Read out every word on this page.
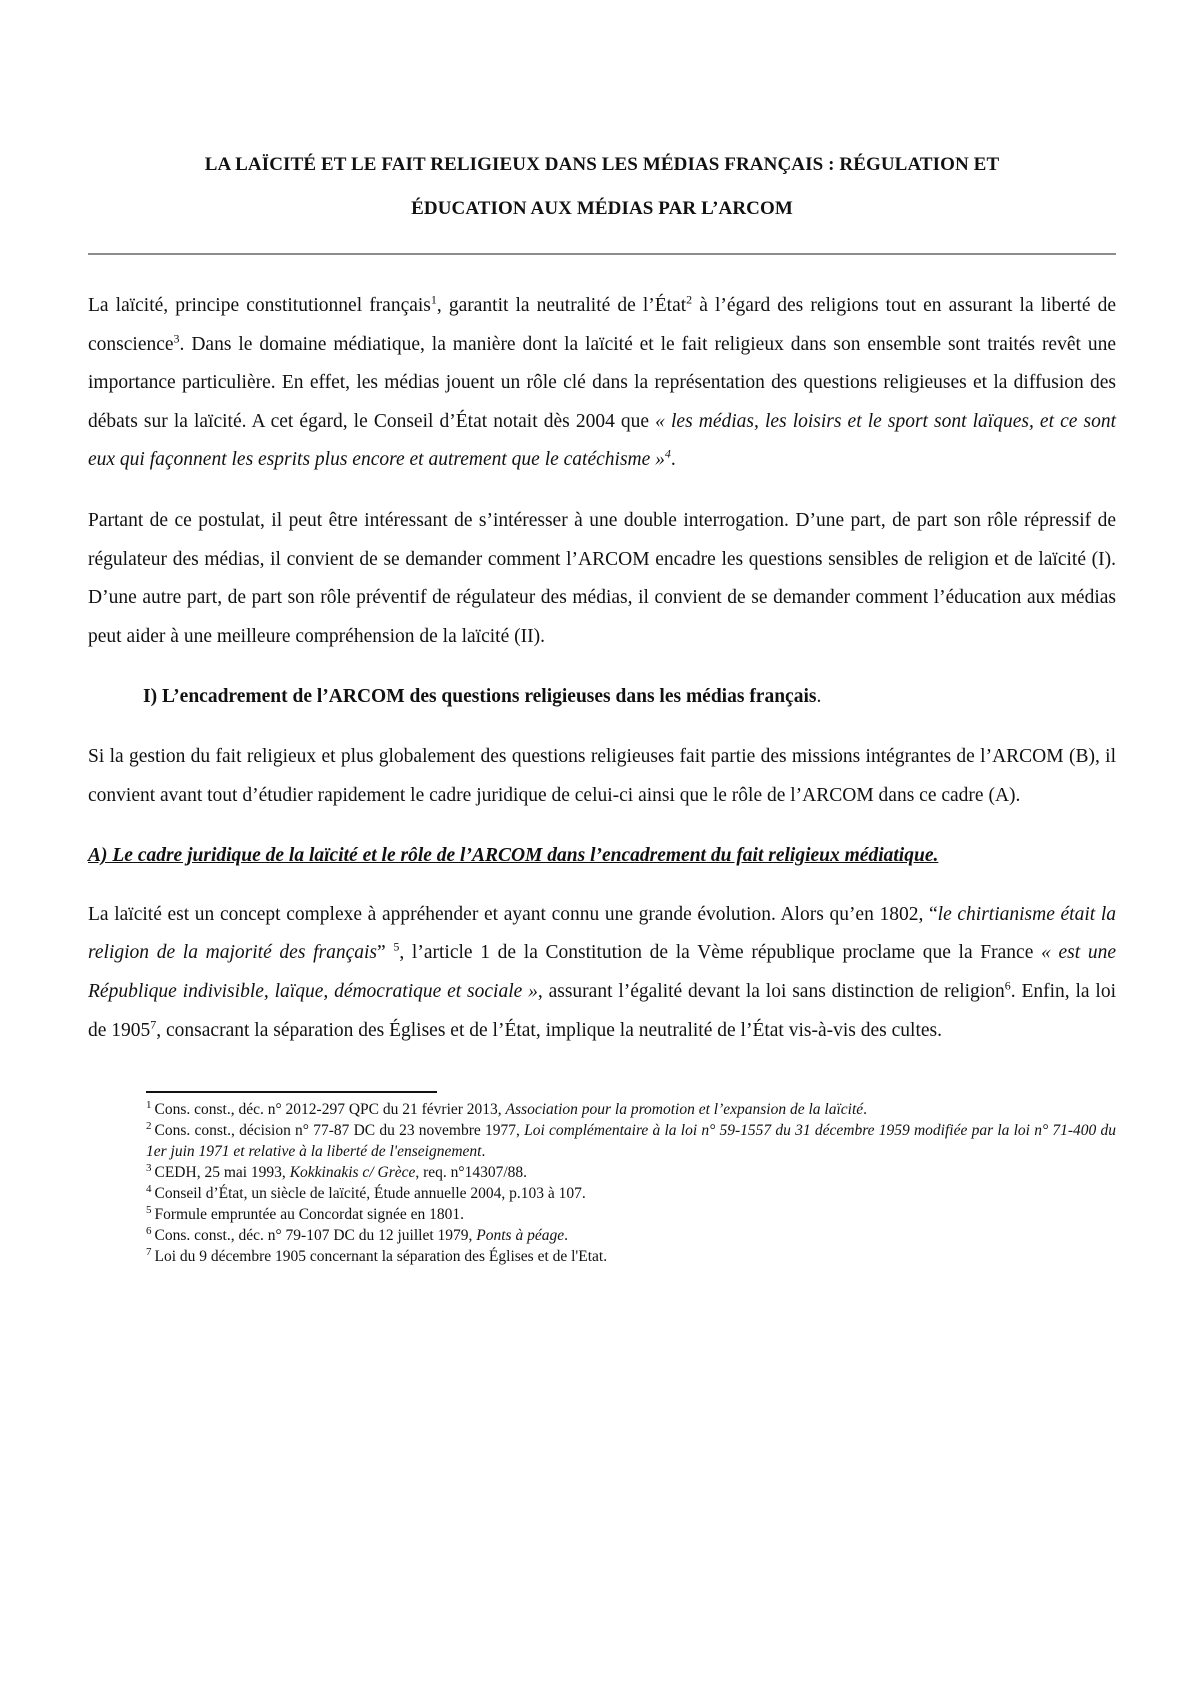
LA LAÏCITÉ ET LE FAIT RELIGIEUX DANS LES MÉDIAS FRANÇAIS : RÉGULATION ET
ÉDUCATION AUX MÉDIAS PAR L’ARCOM

La laïcité, principe constitutionnel français$^1$, garantit la neutralité de l’État$^2$ à l’égard des religions tout en assurant la liberté de conscience$^3$. Dans le domaine médiatique, la manière dont la laïcité et le fait religieux dans son ensemble sont traités revêt une importance particulière. En effet, les médias jouent un rôle clé dans la représentation des questions religieuses et la diffusion des débats sur la laïcité. A cet égard, le Conseil d’État notait dès 2004 que « les médias, les loisirs et le sport sont laïques, et ce sont eux qui façonnent les esprits plus encore et autrement que le catéchisme »$^4$.

Partant de ce postulat, il peut être intéressant de s’intéresser à une double interrogation. D’une part, de part son rôle répressif de régulateur des médias, il convient de se demander comment l’ARCOM encadre les questions sensibles de religion et de laïcité (I). D’une autre part, de part son rôle préventif de régulateur des médias, il convient de se demander comment l’éducation aux médias peut aider à une meilleure compréhension de la laïcité (II).

I) L’encadrement de l’ARCOM des questions religieuses dans les médias français.

Si la gestion du fait religieux et plus globalement des questions religieuses fait partie des missions intégrantes de l’ARCOM (B), il convient avant tout d’étudier rapidement le cadre juridique de celui-ci ainsi que le rôle de l’ARCOM dans ce cadre (A).

A) Le cadre juridique de la laïcité et le rôle de l’ARCOM dans l’encadrement du fait religieux médiatique.

La laïcité est un concept complexe à appréhender et ayant connu une grande évolution. Alors qu’en 1802, “le chirtianisme était la religion de la majorité des français” $^5$, l’article 1 de la Constitution de la Vème république proclame que la France « est une République indivisible, laïque, démocratique et sociale », assurant l’égalité devant la loi sans distinction de religion$^6$. Enfin, la loi de 1905$^7$, consacrant la séparation des Églises et de l’État, implique la neutralité de l’État vis-à-vis des cultes.

$^1$ Cons. const., déc. n° 2012-297 QPC du 21 février 2013, Association pour la promotion et l’expansion de la laïcité.
$^2$ Cons. const., décision n° 77-87 DC du 23 novembre 1977, Loi complémentaire à la loi n° 59-1557 du 31 décembre 1959 modifiée par la loi n° 71-400 du 1er juin 1971 et relative à la liberté de l'enseignement.
$^3$ CEDH, 25 mai 1993, Kokkinakis c/ Grèce, req. n°14307/88.
$^4$ Conseil d’État, un siècle de laïcité, Étude annuelle 2004, p.103 à 107.
$^5$ Formule empruntée au Concordat signée en 1801.
$^6$ Cons. const., déc. n° 79-107 DC du 12 juillet 1979, Ponts à péage.
$^7$ Loi du 9 décembre 1905 concernant la séparation des Églises et de l'Etat.
